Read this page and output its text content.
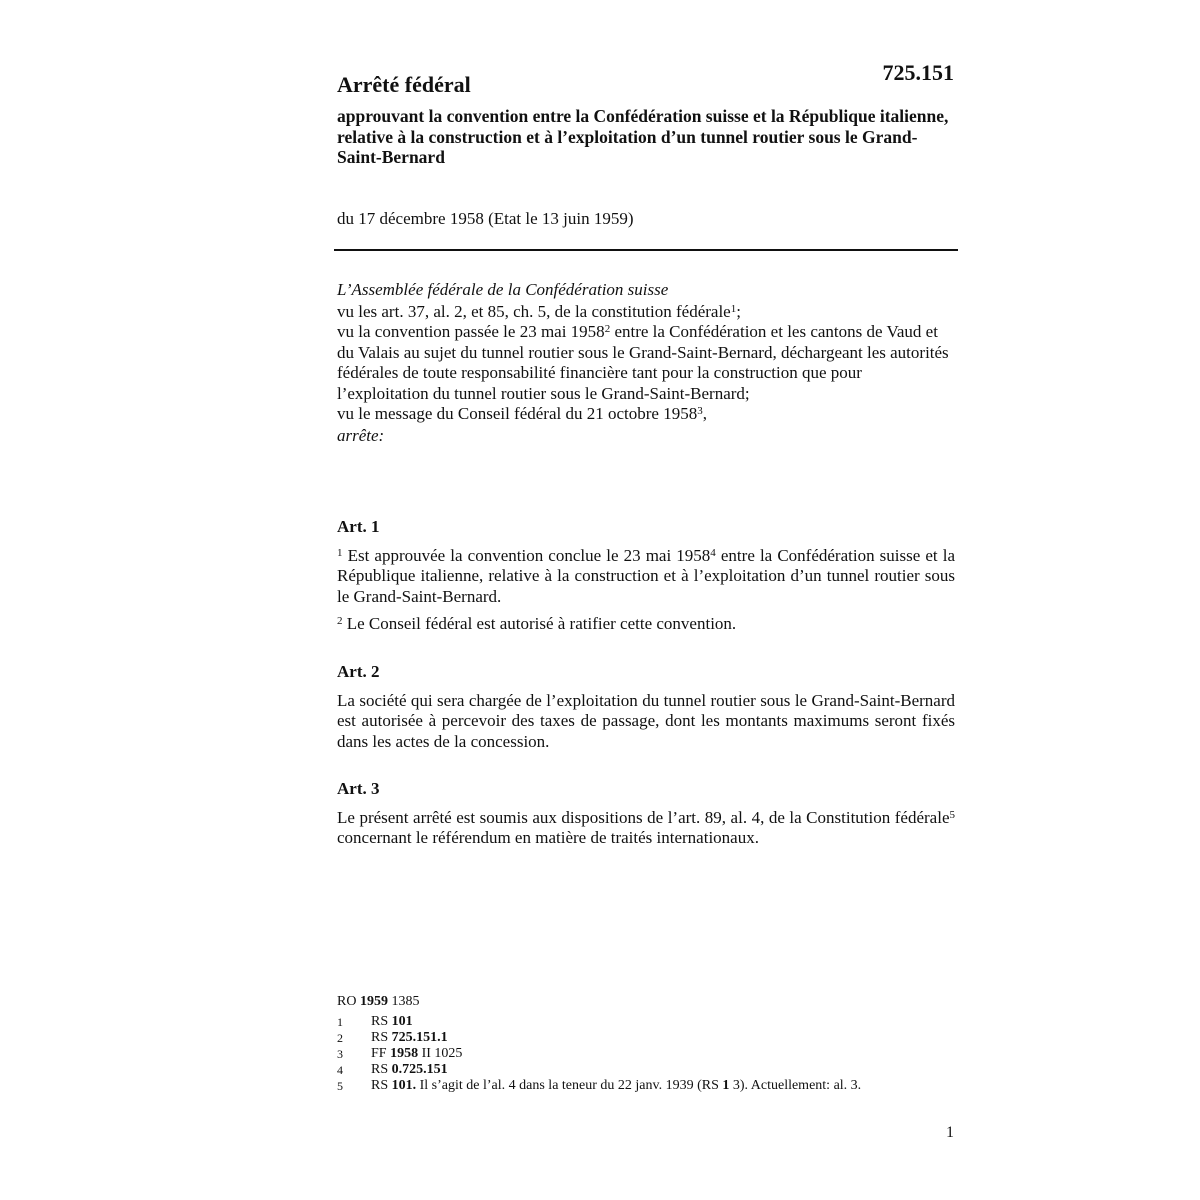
725.151
Arrêté fédéral
approuvant la convention entre la Confédération suisse et la République italienne, relative à la construction et à l’exploitation d’un tunnel routier sous le Grand-Saint-Bernard
du 17 décembre 1958 (Etat le 13 juin 1959)
L’Assemblée fédérale de la Confédération suisse
vu les art. 37, al. 2, et 85, ch. 5, de la constitution fédérale$^1$;
vu la convention passée le 23 mai 1958$^2$ entre la Confédération et les cantons de Vaud et du Valais au sujet du tunnel routier sous le Grand-Saint-Bernard, déchargeant les autorités fédérales de toute responsabilité financière tant pour la construction que pour l’exploitation du tunnel routier sous le Grand-Saint-Bernard;
vu le message du Conseil fédéral du 21 octobre 1958$^3$,
arrête:
Art. 1

$^1$ Est approuvée la convention conclue le 23 mai 1958$^4$ entre la Confédération suisse et la République italienne, relative à la construction et à l’exploitation d’un tunnel routier sous le Grand-Saint-Bernard.

$^2$ Le Conseil fédéral est autorisé à ratifier cette convention.

Art. 2

La société qui sera chargée de l’exploitation du tunnel routier sous le Grand-Saint-Bernard est autorisée à percevoir des taxes de passage, dont les montants maximums seront fixés dans les actes de la concession.

Art. 3

Le présent arrêté est soumis aux dispositions de l’art. 89, al. 4, de la Constitution fédérale$^5$ concernant le référendum en matière de traités internationaux.

RO 1959 1385
1	RS 101
2	RS 725.151.1
3	FF 1958 II 1025
4	RS 0.725.151
5	RS 101. Il s’agit de l’al. 4 dans la teneur du 22 janv. 1939 (RS 1 3). Actuellement: al. 3.
1
